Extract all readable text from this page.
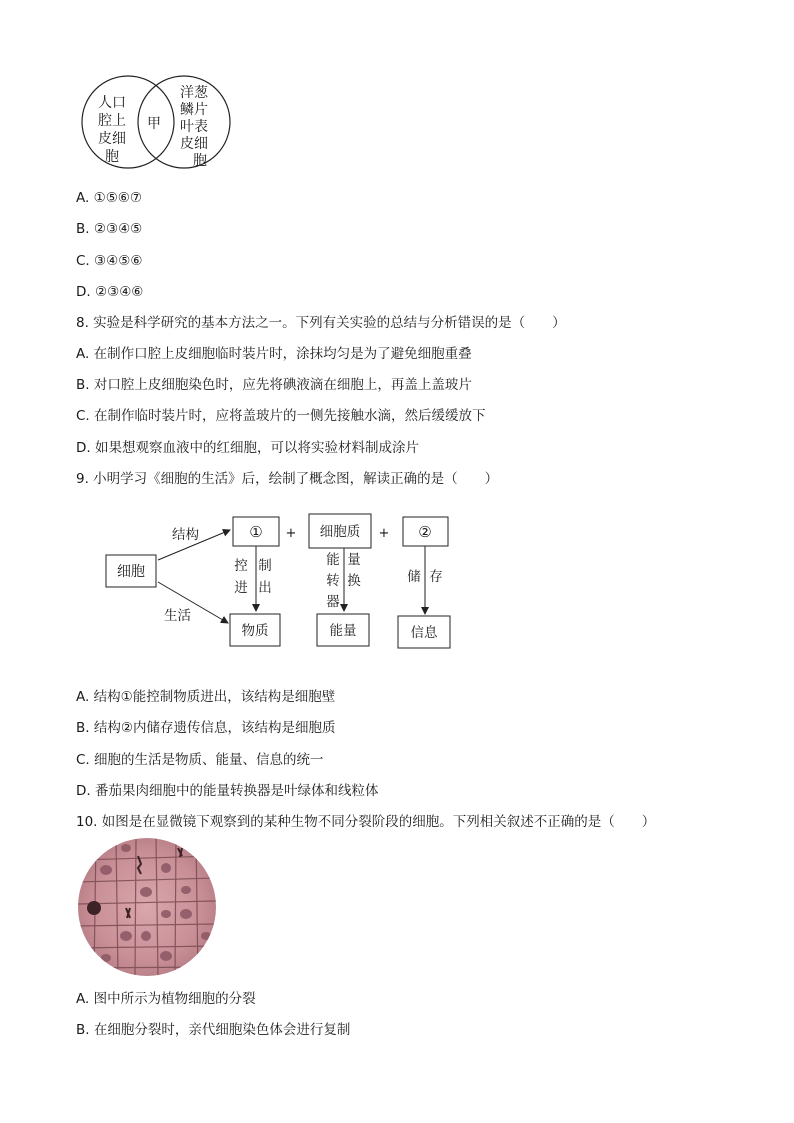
人口
腔上
皮细
胞
甲
洋葱
鳞片
叶表
皮细
胞
A. ①⑤⑥⑦
B. ②③④⑤
C. ③④⑤⑥
D. ②③④⑥
8. 实验是科学研究的基本方法之一。下列有关实验的总结与分析错误的是（　　）
A. 在制作口腔上皮细胞临时装片时，涂抹均匀是为了避免细胞重叠
B. 对口腔上皮细胞染色时，应先将碘液滴在细胞上，再盖上盖玻片
C. 在制作临时装片时，应将盖玻片的一侧先接触水滴，然后缓缓放下
D. 如果想观察血液中的红细胞，可以将实验材料制成涂片
9. 小明学习《细胞的生活》后，绘制了概念图，解读正确的是（　　）
细胞
结构
生活
① + 细胞质 + ②
控 制
进 出
能 量
转 换
器
储 存
物质	能量	信息
A. 结构①能控制物质进出，该结构是细胞壁
B. 结构②内储存遗传信息，该结构是细胞质
C. 细胞的生活是物质、能量、信息的统一
D. 番茄果肉细胞中的能量转换器是叶绿体和线粒体
10. 如图是在显微镜下观察到的某种生物不同分裂阶段的细胞。下列相关叙述不正确的是（　　）
A. 图中所示为植物细胞的分裂
B. 在细胞分裂时，亲代细胞染色体会进行复制
